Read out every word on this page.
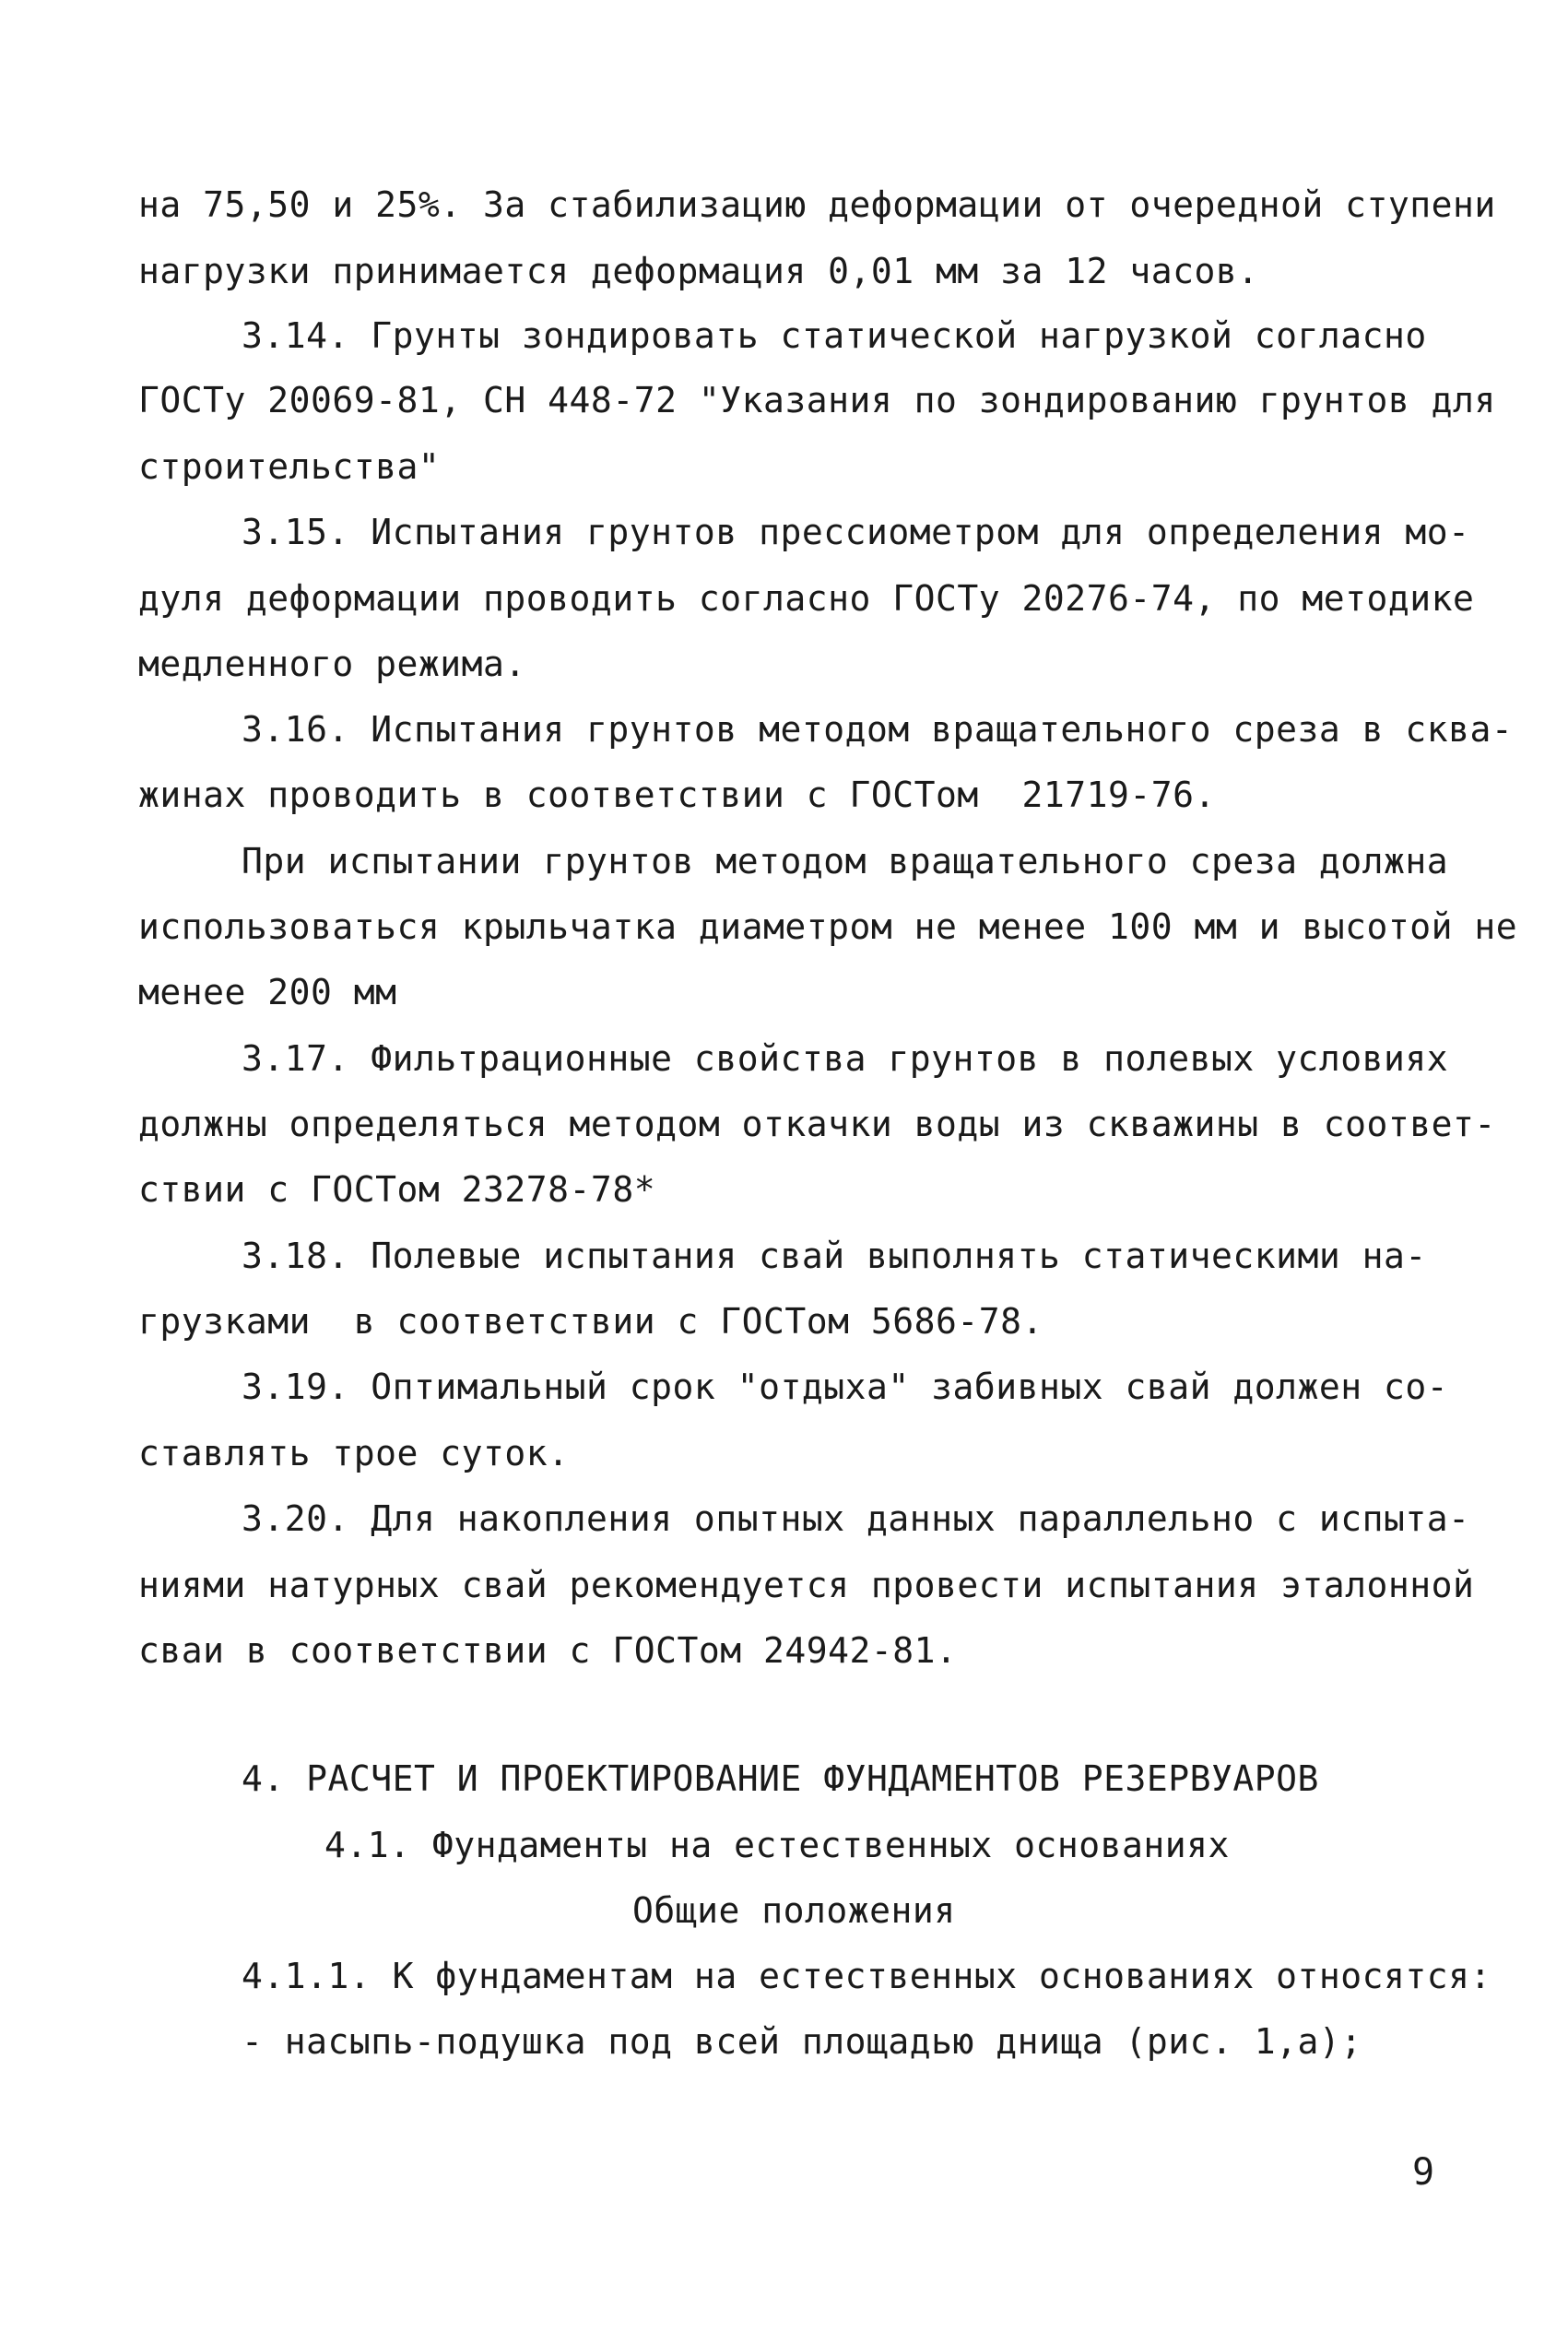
на 75,50 и 25%. За стабилизацию деформации от очередной ступени
нагрузки принимается деформация 0,01 мм за 12 часов.
3.14. Грунты зондировать статической нагрузкой согласно
ГОСТу 20069-81, СН 448-72 "Указания по зондированию грунтов для
строительства"
3.15. Испытания грунтов прессиометром для определения мо-
дуля деформации проводить согласно ГОСТу 20276-74, по методике
медленного режима.
3.16. Испытания грунтов методом вращательного среза в сква-
жинах проводить в соответствии с ГОСТом  21719-76.
При испытании грунтов методом вращательного среза должна
использоваться крыльчатка диаметром не менее 100 мм и высотой не
менее 200 мм
3.17. Фильтрационные свойства грунтов в полевых условиях
должны определяться методом откачки воды из скважины в соответ-
ствии с ГОСТом 23278-78*
3.18. Полевые испытания свай выполнять статическими на-
грузками  в соответствии с ГОСТом 5686-78.
3.19. Оптимальный срок "отдыха" забивных свай должен со-
ставлять трое суток.
3.20. Для накопления опытных данных параллельно с испыта-
ниями натурных свай рекомендуется провести испытания эталонной
сваи в соответствии с ГОСТом 24942-81.
4. РАСЧЕТ И ПРОЕКТИРОВАНИЕ ФУНДАМЕНТОВ РЕЗЕРВУАРОВ
4.1. Фундаменты на естественных основаниях
Общие положения
4.1.1. К фундаментам на естественных основаниях относятся:
- насыпь-подушка под всей площадью днища (рис. 1,а);
9
